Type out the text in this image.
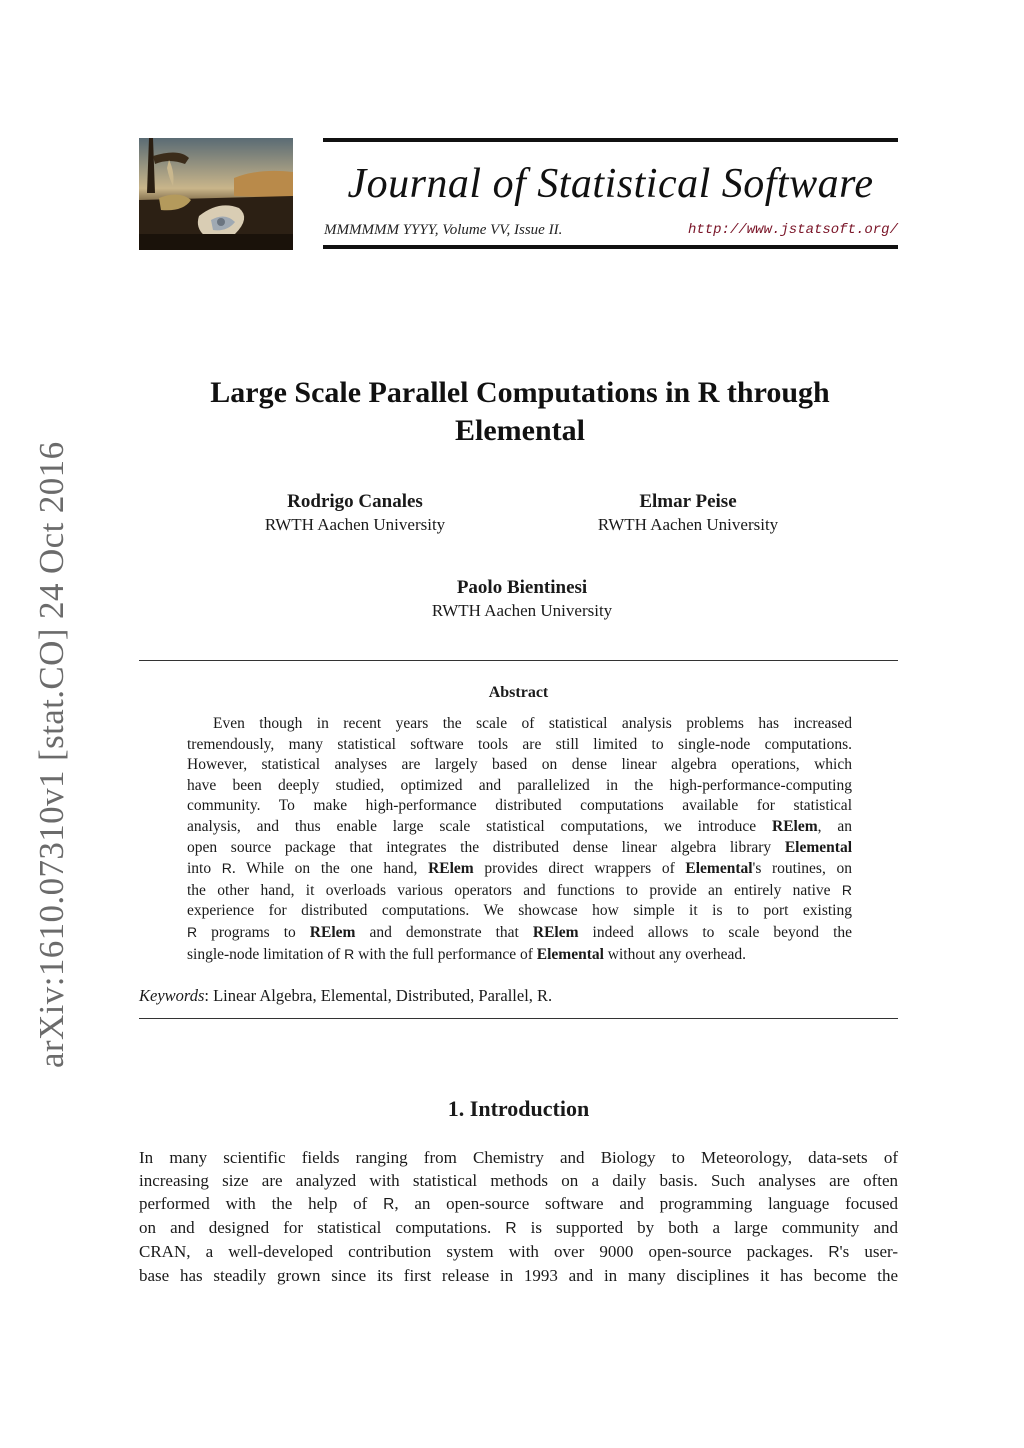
Journal of Statistical Software
MMMMMM YYYY, Volume VV, Issue II.	http://www.jstatsoft.org/
arXiv:1610.07310v1 [stat.CO] 24 Oct 2016
Large Scale Parallel Computations in R through
Elemental
Rodrigo Canales
RWTH Aachen University
Elmar Peise
RWTH Aachen University
Paolo Bientinesi
RWTH Aachen University
Abstract
Even though in recent years the scale of statistical analysis problems has increased
tremendously, many statistical software tools are still limited to single-node computations.
However, statistical analyses are largely based on dense linear algebra operations, which
have been deeply studied, optimized and parallelized in the high-performance-computing
community. To make high-performance distributed computations available for statistical
analysis, and thus enable large scale statistical computations, we introduce RElem, an
open source package that integrates the distributed dense linear algebra library Elemental
into R. While on the one hand, RElem provides direct wrappers of Elemental's routines, on
the other hand, it overloads various operators and functions to provide an entirely native R
experience for distributed computations. We showcase how simple it is to port existing
R programs to RElem and demonstrate that RElem indeed allows to scale beyond the
single-node limitation of R with the full performance of Elemental without any overhead.
Keywords: Linear Algebra, Elemental, Distributed, Parallel, R.
1. Introduction
In many scientific fields ranging from Chemistry and Biology to Meteorology, data-sets of
increasing size are analyzed with statistical methods on a daily basis. Such analyses are often
performed with the help of R, an open-source software and programming language focused
on and designed for statistical computations. R is supported by both a large community and
CRAN, a well-developed contribution system with over 9000 open-source packages. R's user-
base has steadily grown since its first release in 1993 and in many disciplines it has become the
